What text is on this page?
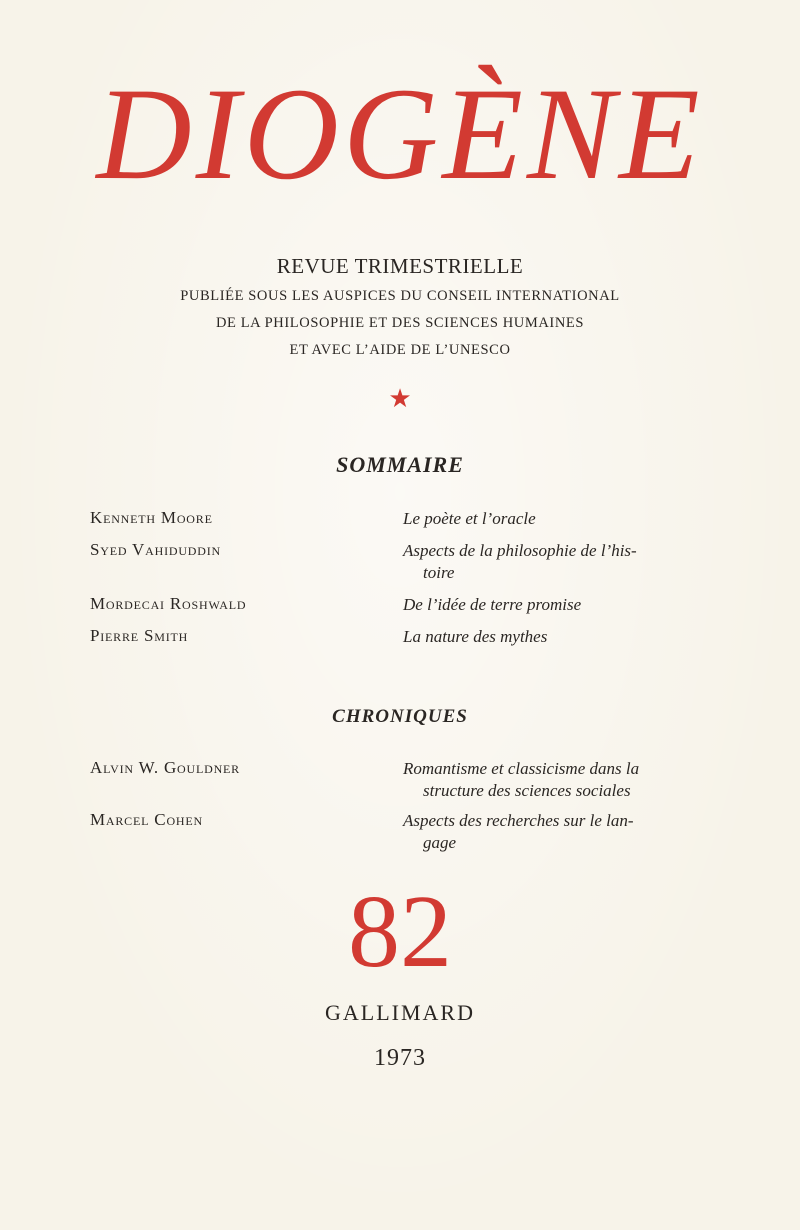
DIOGÈNE

REVUE TRIMESTRIELLE

PUBLIÉE SOUS LES AUSPICES DU CONSEIL INTERNATIONAL

DE LA PHILOSOPHIE ET DES SCIENCES HUMAINES

ET AVEC L’AIDE DE L’UNESCO

★
SOMMAIRE
Kenneth Moore	Le poète et l’oracle
Syed Vahiduddin	Aspects de la philosophie de l’his-
toire
Mordecai Roshwald	De l’idée de terre promise
Pierre Smith	La nature des mythes
CHRONIQUES
Alvin W. Gouldner	Romantisme et classicisme dans la
structure des sciences sociales
Marcel Cohen	Aspects des recherches sur le lan-
gage
82

GALLIMARD

1973
